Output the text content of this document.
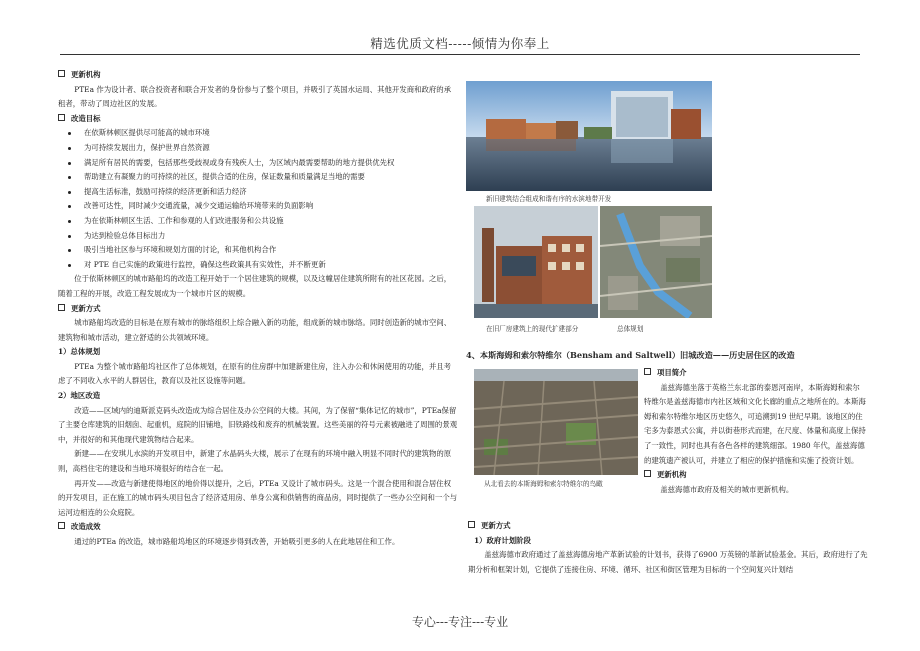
精选优质文档-----倾情为你奉上
专心---专注---专业
更新机构

PTEa 作为设计者、联合投资者和联合开发者的身份参与了整个项目，并吸引了英国水运局、其他开发商和政府的承租者，带动了周边社区的发展。

改造目标
在依斯林顿区提供尽可能高的城市环境
为可持续发展出力，保护世界自然资源
满足所有居民的需要，包括那些受歧视或身有残疾人士，为区域内最需要帮助的地方提供优先权
帮助建立有凝聚力的可持续的社区，提供合适的住房，保证数量和质量满足当地的需要
提高生活标准，鼓励可持续的经济更新和活力经济
改善可达性，同时减少交通流量，减少交通运输给环境带来的负面影响
为在依斯林顿区生活、工作和参观的人们改进服务和公共设施
为达到检验总体目标出力
吸引当地社区参与环境和规划方面的讨论，和其他机构合作
对 PTE 自己实施的政策进行监控，确保这些政策具有实效性，并不断更新

位于依斯林顿区的城市路船坞的改造工程开始于一个居住建筑的规模，以及这幢居住建筑所附有的社区花园。之后，随着工程的开展，改造工程发展成为一个城市片区的规模。

更新方式

城市路船坞改造的目标是在原有城市的脉络组织上综合融入新的功能，组成新的城市脉络。同时创造新的城市空间、建筑物和城市活动，建立舒适的公共领域环境。

1）总体规划

PTEa 为整个城市路船坞社区作了总体规划，在原有的住房群中加建新建住房，注入办公和休闲使用的功能，并且考虑了不同收入水平的人群居住，教育以及社区设施等问题。

2）地区改造

改造——区域内的迪斯派克码头改造成为综合居住及办公空间的大楼。其间，为了保留“集体记忆的城市”，PTEa保留了主要仓库建筑的旧烟囱、起重机，庭院的旧铺地，旧铁路线和废弃的机械装置。这些美丽的符号元素被融进了周围的景观中，并很好的和其他现代建筑物结合起来。

新建——在安琪儿水滨的开发项目中，新建了水晶码头大楼，展示了在现有的环境中融入明显不同时代的建筑物的原则，高档住宅的建设和当地环境很好的结合在一起。

再开发——改造与新建使得地区的地价得以提升，之后，PTEa 又设计了城市码头。这是一个混合使用和混合居住权的开发项目，正在施工的城市码头项目包含了经济适用房、单身公寓和供销售的商品房，同时提供了一些办公空间和一个与运河边相连的公众庭院。

改造成效

通过的PTEa 的改造，城市路船坞地区的环境逐步得到改善，开始吸引更多的人在此地居住和工作。

新旧建筑结合组成和谐有序的水滨地带开发
在旧厂房建筑上的现代扩建部分	总体规划
4、本斯海姆和索尔特维尔（Bensham and Saltwell）旧城改造——历史居住区的改造
从北看去的本斯海姆和索尔特维尔的鸟瞰
项目简介

盖兹海德坐落于英格兰东北部的泰恩河南岸，本斯海姆和索尔特维尔是盖兹海德市内社区域和文化长廊的重点之地所在的。本斯海姆和索尔特维尔地区历史悠久，可追溯到19 世纪早期。该地区的住宅多为泰恩式公寓，并以街巷形式而建，在尺度、体量和高度上保持了一致性，同时也具有各色各样的建筑细部。1980 年代，盖兹海德的建筑遗产被认可，并建立了相应的保护措施和实施了投资计划。

更新机构

盖兹海德市政府及相关的城市更新机构。

更新方式
1）政府计划阶段

盖兹海德市政府通过了盖兹海德房地产革新试验的计划书，获得了6900 万英镑的革新试验基金。其后，政府进行了先期分析和框架计划，它提供了连接住房、环境、循环、社区和街区管理为目标的一个空间复兴计划结
